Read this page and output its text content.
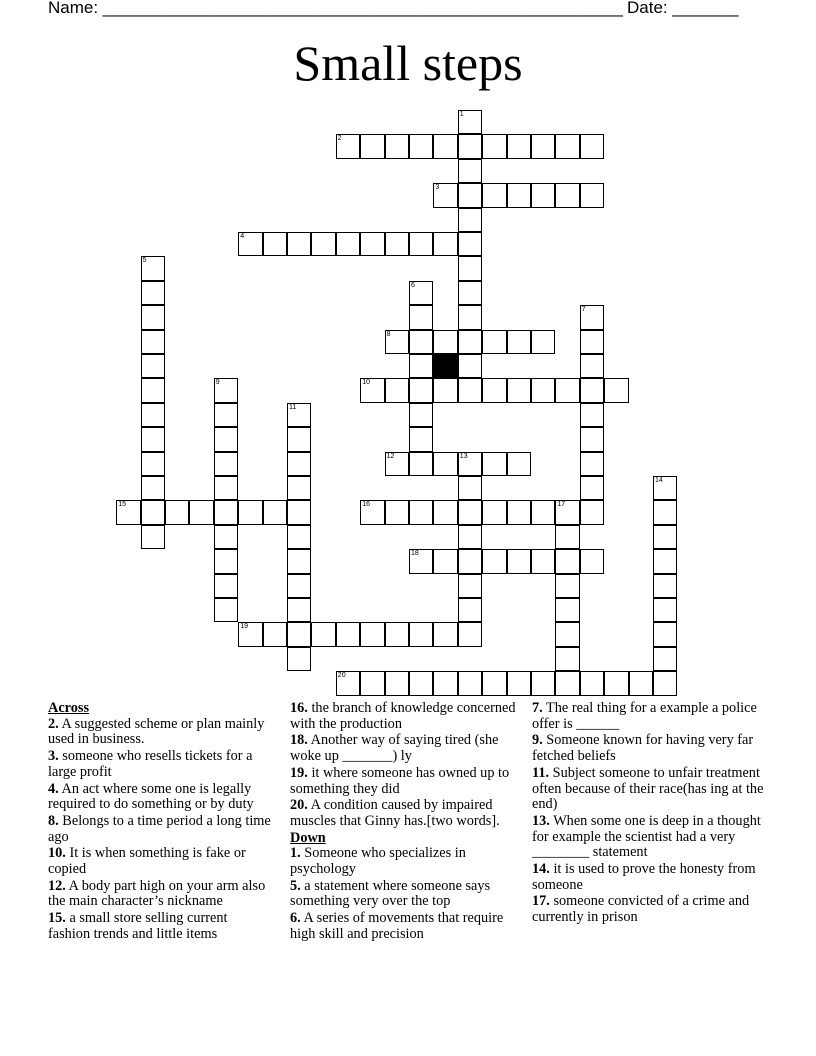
Name: _______________________________________________________ Date: _______
Small steps
1
2
3
4
5
6
7
8
9	10
11
12	13
14
15	16	17
18
19
20
Across
2. A suggested scheme or plan mainly used in business.
3. someone who resells tickets for a large profit
4. An act where some one is legally required to do something or by duty
8. Belongs to a time period a long time ago
10. It is when something is fake or copied
12. A body part high on your arm also the main character’s nickname
15. a small store selling current fashion trends and little items
16. the branch of knowledge concerned with the production
18. Another way of saying tired (she woke up _______) ly
19. it where someone has owned up to something they did
20. A condition caused by impaired muscles that Ginny has.[two words].
Down
1. Someone who specializes in psychology
5. a statement where someone says something very over the top
6. A series of movements that require high skill and precision
7. The real thing for a example a police offer is ______
9. Someone known for having very far fetched beliefs
11. Subject someone to unfair treatment often because of their race(has ing at the end)
13. When some one is deep in a thought for example the scientist had a very ________ statement
14. it is used to prove the honesty from someone
17. someone convicted of a crime and currently in prison
